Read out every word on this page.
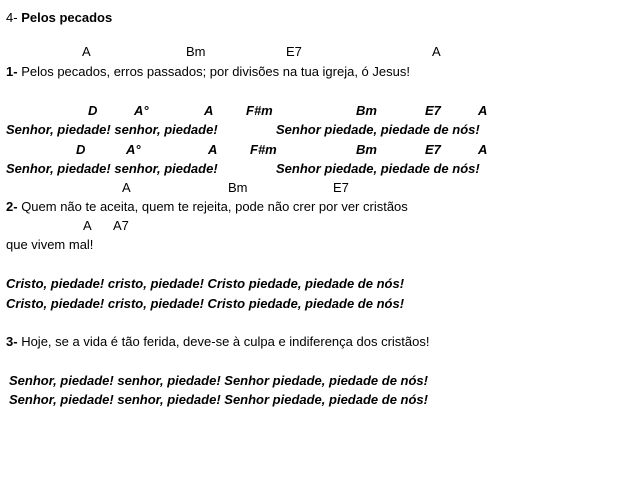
4- Pelos pecados
A	Bm	E7	A
1- Pelos pecados, erros passados; por divisões na tua igreja, ó Jesus!
D	A°	A	F#m	Bm	E7	A
Senhor, piedade! senhor, piedade!	Senhor piedade, piedade de nós!
D	A°	A	F#m	Bm	E7	A
Senhor, piedade! senhor, piedade!	Senhor piedade, piedade de nós!
A	Bm	E7
2- Quem não te aceita, quem te rejeita, pode não crer por ver cristãos
A A7
que vivem mal!
Cristo, piedade! cristo, piedade! Cristo piedade, piedade de nós!
Cristo, piedade! cristo, piedade! Cristo piedade, piedade de nós!
3- Hoje, se a vida é tão ferida, deve-se à culpa e indiferença dos cristãos!
Senhor, piedade! senhor, piedade! Senhor piedade, piedade de nós!
Senhor, piedade! senhor, piedade! Senhor piedade, piedade de nós!
